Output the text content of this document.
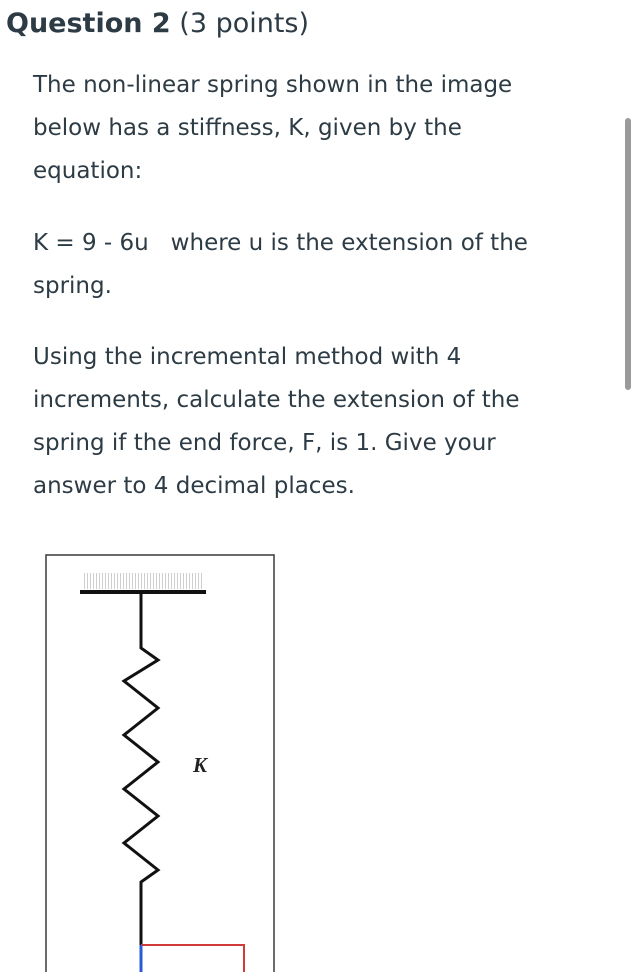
Question 2 (3 points)

The non-linear spring shown in the image
below has a stiffness, K, given by the
equation:

K = 9 - 6u   where u is the extension of the
spring.

Using the incremental method with 4
increments, calculate the extension of the
spring if the end force, F, is 1. Give your
answer to 4 decimal places.

K
